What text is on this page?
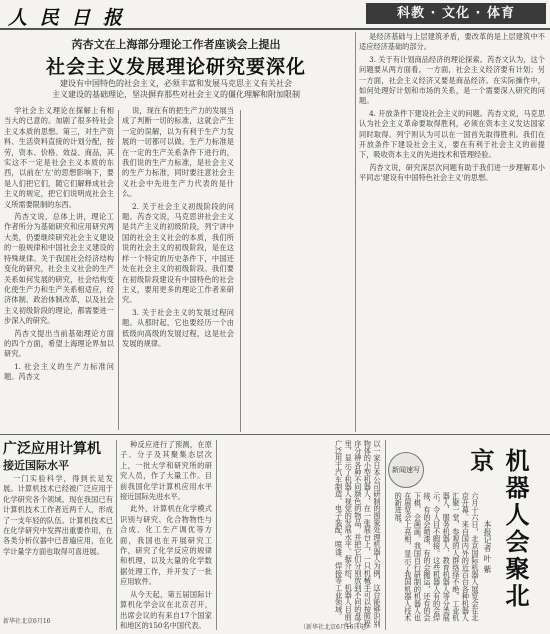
人 民 日 报	科教 · 文化 · 体育
芮杏文在上海部分理论工作者座谈会上提出
社会主义发展理论研究要深化
建设有中国特色的社会主义，必须丰富和发展马克思主义有关社会
主义建设的基础理论，坚决摒弃那些对社会主义的僵化理解和附加限制

学社会主义理论在探解上有相当大的已意的。加剧了很多特社会主义本质的思想。第三，对生产资料、生活资料直接的计划分配，按劳，资本、价格、效益、商品，其实这不一定是社会主义本质的东西，以前在'左'的思想影响下，要是人们把它们，随它们解释成社会主义的规定，把它们说明成社会主义所需要限制的东西。

芮杏文说，总体上讲，理论工作者所分为基础研究和应用研究两大类，仍要继续研究社会主义建设的一般规律和中国社会主义建设的特殊规律。关于我国社会经济结构变化的研究，社会主义社会的生产关系如何发展的研究，社会结构变化使生产力和生产关系相适应，经济体制、政治体制改革，以及社会主义初级阶段的理论，都需要进一步深入的研究。

芮杏文提出当前基础理论方面的四个方面，希望上海理论界加以研究。

1. 社会主义的生产力标准问题。芮杏文

说，现在有的把生产力的发展当成了判断一切的标准，这就会产生一定的误解，以为有利于生产力发展的一切都可以做。生产力标准是在一定的生产关系条件下进行的，我们说的生产力标准，是社会主义的生产力标准，同时要注意社会主义社会中先进生产力代表的是什么。

2. 关于社会主义初级阶段的问题。芮杏文说，马克思讲社会主义是共产主义的初级阶段，列宁讲中国的社会主义社会的本质，我们所说的社会主义的初级阶段，是在这样一个特定的历史条件下，中国还处在社会主义的初级阶段。我们要在初级阶段建设有中国特色的社会主义，要用更多的理论工作者来研究。

3. 关于社会主义的发展过程问题。从那时起，它也要经历一个由低级向高级的发展过程，这是社会发展的规律。

是经济基础与上层建筑矛盾，要改革的是上层建筑中不适应经济基础的部分。

3. 关于有计划商品经济的理论探索。芮杏文认为，这个问题要从两方面看。一方面，社会主义经济要有计划；另一方面，社会主义经济又要是商品经济。在实际操作中，如何处理好计划和市场的关系，是一个需要深入研究的问题。

4. 开放条件下建设社会主义的问题。芮杏文说，马克思认为社会主义革命要取得胜利，必须在资本主义发达国家同时取得。列宁则认为可以在一国首先取得胜利。我们在开放条件下建设社会主义，要在有利于社会主义的前提下，吸收资本主义的先进技术和管理经验。

芮杏文说，研究深层次问题有助于我们进一步理解邓小平同志'建设有中国特色社会主义'的思想。

广泛应用计算机
接近国际水平

一门实验科学，得到长足发展。计算机技术已经被广泛应用于化学研究各个领域。现在我国已有计算机技术工作者近两千人，形成了一支年轻的队伍。计算机技术已在化学研究中发挥出重要作用，在各类分析仪器中已普遍应用，在化学计量学方面也取得可喜进展。

新华社北京6月16

种反应进行了预测，在原子、分子及其聚集态层次上，一批大学和研究所的研究人员，作了大量工作。目前我国化学计算机应用水平接近国际先进水平。

此外，计算机在化学模式识别与研究、化合物物性与合成、化工生产调优等方面，我国也在开展研究工作，研究了化学反应的规律和机理，以及大量的化学数据处理工作，并开发了一批应用软件。

从今天起，第五届国际计算机化学会议在北京召开，出席会议的有来自17个国家和地区的150名中国代表。	以一家日本公司研制的图象处理机器人为例，这台能够识别物体的小型机器人，在一张展台上，一只机械手可以按照程序分辨各种不同颜色的物品，并把它们分别放到不同的盘子里，显示了机器人视觉的发展水平。据介绍，机器人目前已广泛用于汽车制造、电子装配、喷漆、焊接等工业领域。	新闻速写
六月十六日，北京国际机器人展览会在北京开幕。来自国内外的近百台各种机器人汇聚一堂，参观的人群络绎不绝。工业机器人、服务机器人、教育机器人等分类展示，令人目不暇接。这些机器人有的会焊接，有的会喷漆，有的会搬运，还有的会下棋、会画画。我国自行研制的机器人也在展览会上亮相，显示了我国机器人技术的新进展。
本报记者 叶 紫 机器人会聚北京
（新华社北京6月16日电）
